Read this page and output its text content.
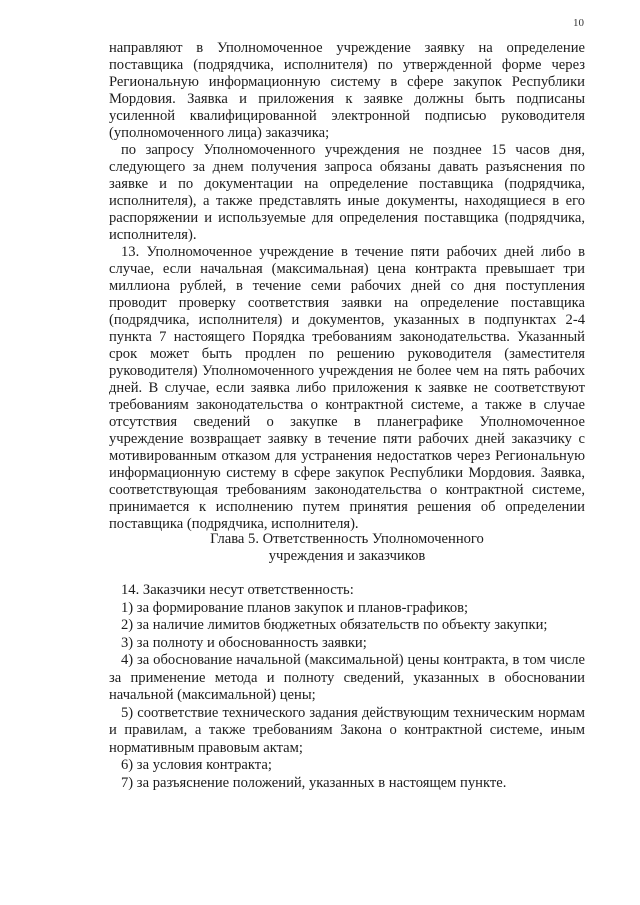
10

направляют в Уполномоченное учреждение заявку на определение поставщика (подрядчика, исполнителя) по утвержденной форме через Региональную информационную систему в сфере закупок Республики Мордовия. Заявка и приложения к заявке должны быть подписаны усиленной квалифицированной электронной подписью руководителя (уполномоченного лица) заказчика;

по запросу Уполномоченного учреждения не позднее 15 часов дня, следующего за днем получения запроса обязаны давать разъяснения по заявке и по документации на определение поставщика (подрядчика, исполнителя), а также представлять иные документы, находящиеся в его распоряжении и используемые для определения поставщика (подрядчика, исполнителя).

13. Уполномоченное учреждение в течение пяти рабочих дней либо в случае, если начальная (максимальная) цена контракта превышает три миллиона рублей, в течение семи рабочих дней со дня поступления проводит проверку соответствия заявки на определение поставщика (подрядчика, исполнителя) и документов, указанных в подпунктах 2-4 пункта 7 настоящего Порядка требованиям законодательства. Указанный срок может быть продлен по решению руководителя (заместителя руководителя) Уполномоченного учреждения не более чем на пять рабочих дней. В случае, если заявка либо приложения к заявке не соответствуют требованиям законодательства о контрактной системе, а также в случае отсутствия сведений о закупке в планеграфике Уполномоченное учреждение возвращает заявку в течение пяти рабочих дней заказчику с мотивированным отказом для устранения недостатков через Региональную информационную систему в сфере закупок Республики Мордовия. Заявка, соответствующая требованиям законодательства о контрактной системе, принимается к исполнению путем принятия решения об определении поставщика (подрядчика, исполнителя).

Глава 5. Ответственность Уполномоченного
учреждения и заказчиков

14. Заказчики несут ответственность:

1) за формирование планов закупок и планов-графиков;

2) за наличие лимитов бюджетных обязательств по объекту закупки;

3) за полноту и обоснованность заявки;

4) за обоснование начальной (максимальной) цены контракта, в том числе за применение метода и полноту сведений, указанных в обосновании начальной (максимальной) цены;

5) соответствие технического задания действующим техническим нормам и правилам, а также требованиям Закона о контрактной системе, иным нормативным правовым актам;

6) за условия контракта;

7) за разъяснение положений, указанных в настоящем пункте.
